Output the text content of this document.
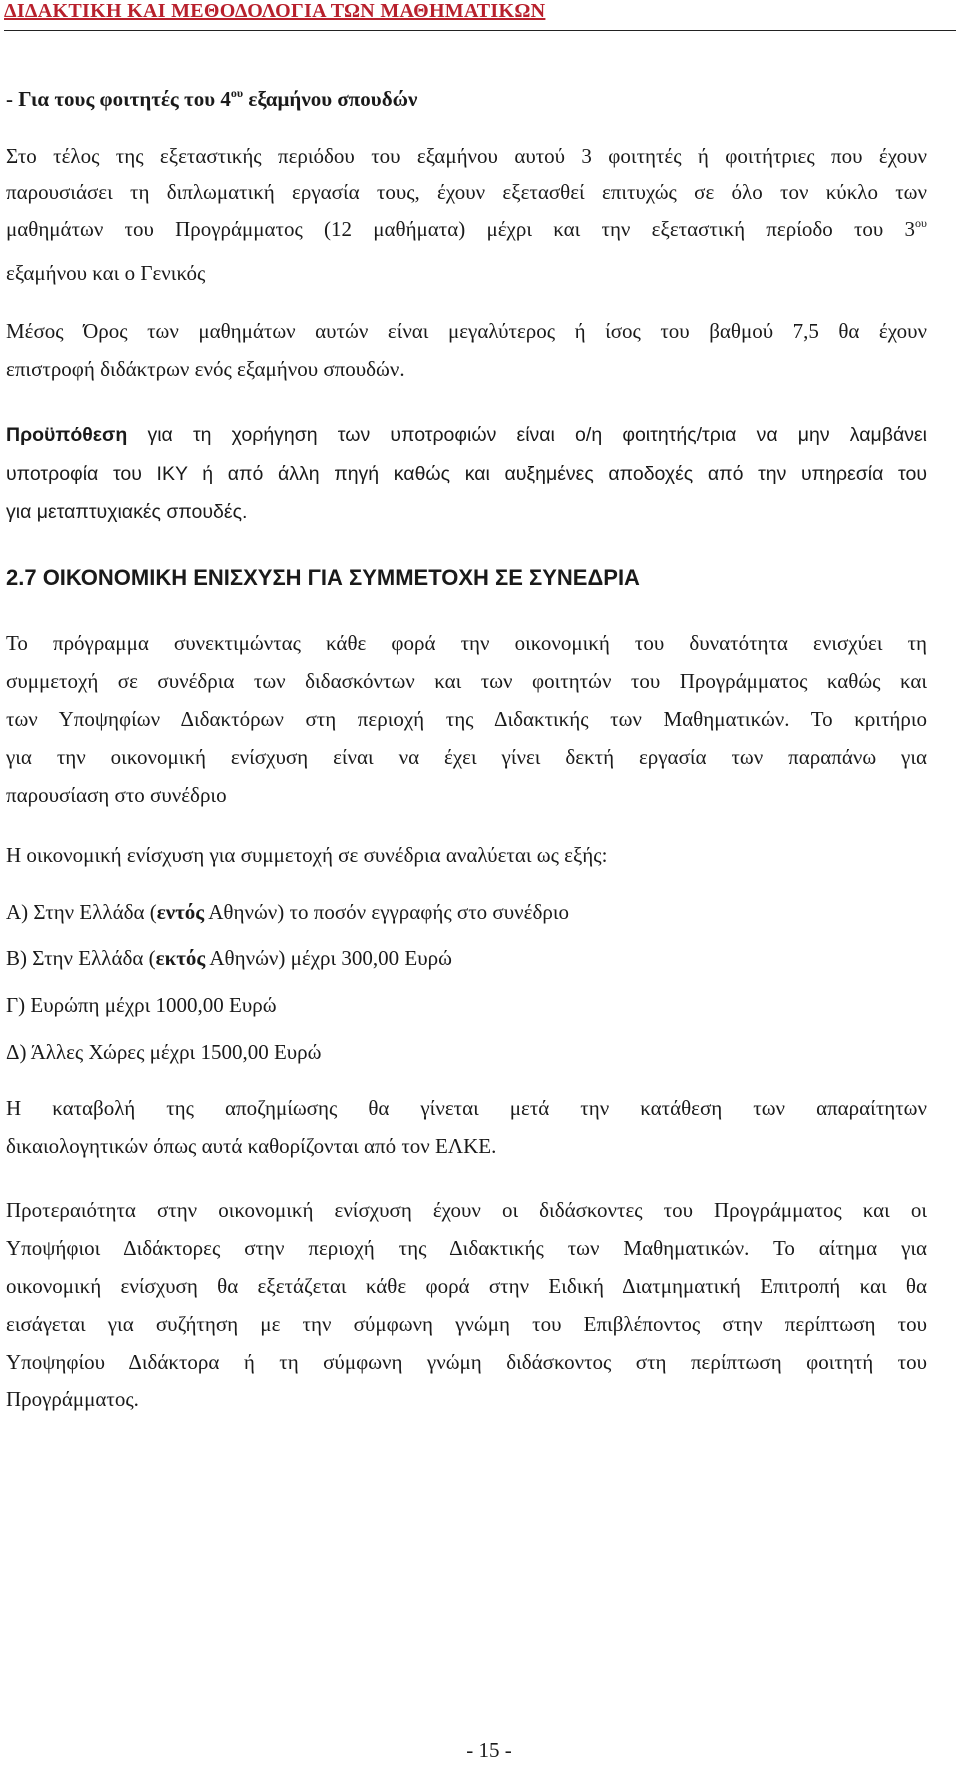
ΔΙΔΑΚΤΙΚΗ ΚΑΙ ΜΕΘΟΔΟΛΟΓΙΑ ΤΩΝ ΜΑΘΗΜΑΤΙΚΩΝ
- Για τους φοιτητές του $4^{o\upsilon}$ εξαμήνου σπουδών
Στο τέλος της εξεταστικής περιόδου του εξαμήνου αυτού 3 φοιτητές ή φοιτήτριες που έχουν
παρουσιάσει τη διπλωματική εργασία τους, έχουν εξετασθεί επιτυχώς σε όλο τον κύκλο των
μαθημάτων του Προγράμματος (12 μαθήματα) μέχρι και την εξεταστική περίοδο του $3^{o\upsilon}$
εξαμήνου και ο Γενικός
Μέσος Όρος των μαθημάτων αυτών είναι μεγαλύτερος ή ίσος του βαθμού 7,5 θα έχουν
επιστροφή διδάκτρων ενός εξαμήνου σπουδών.
Προϋπόθεση για τη χορήγηση των υποτροφιών είναι ο/η φοιτητής/τρια να μην λαμβάνει
υποτροφία του ΙΚΥ ή από άλλη πηγή καθώς και αυξημένες αποδοχές από την υπηρεσία του
για μεταπτυχιακές σπουδές.
2.7 ΟΙΚΟΝΟΜΙΚΗ ΕΝΙΣΧΥΣΗ ΓΙΑ ΣΥΜΜΕΤΟΧΗ ΣΕ ΣΥΝΕΔΡΙΑ
Το πρόγραμμα συνεκτιμώντας κάθε φορά την οικονομική του δυνατότητα ενισχύει τη
συμμετοχή σε συνέδρια των διδασκόντων και των φοιτητών του Προγράμματος καθώς και
των Υποψηφίων Διδακτόρων στη περιοχή της Διδακτικής των Μαθηματικών. Το κριτήριο
για την οικονομική ενίσχυση είναι να έχει γίνει δεκτή εργασία των παραπάνω για
παρουσίαση στο συνέδριο
Η οικονομική ενίσχυση για συμμετοχή σε συνέδρια αναλύεται ως εξής:
Α) Στην Ελλάδα (εντός Αθηνών) το ποσόν εγγραφής στο συνέδριο
Β) Στην Ελλάδα (εκτός Αθηνών) μέχρι 300,00 Ευρώ
Γ) Ευρώπη μέχρι 1000,00 Ευρώ
Δ) Άλλες Χώρες μέχρι 1500,00 Ευρώ
Η καταβολή της αποζημίωσης θα γίνεται μετά την κατάθεση των απαραίτητων
δικαιολογητικών όπως αυτά καθορίζονται από τον ΕΛΚΕ.
Προτεραιότητα στην οικονομική ενίσχυση έχουν οι διδάσκοντες του Προγράμματος και οι
Υποψήφιοι Διδάκτορες στην περιοχή της Διδακτικής των Μαθηματικών. Το αίτημα για
οικονομική ενίσχυση θα εξετάζεται κάθε φορά στην Ειδική Διατμηματική Επιτροπή και θα
εισάγεται για συζήτηση με την σύμφωνη γνώμη του Επιβλέποντος στην περίπτωση του
Υποψηφίου Διδάκτορα ή τη σύμφωνη γνώμη διδάσκοντος στη περίπτωση φοιτητή του
Προγράμματος.
- 15 -
